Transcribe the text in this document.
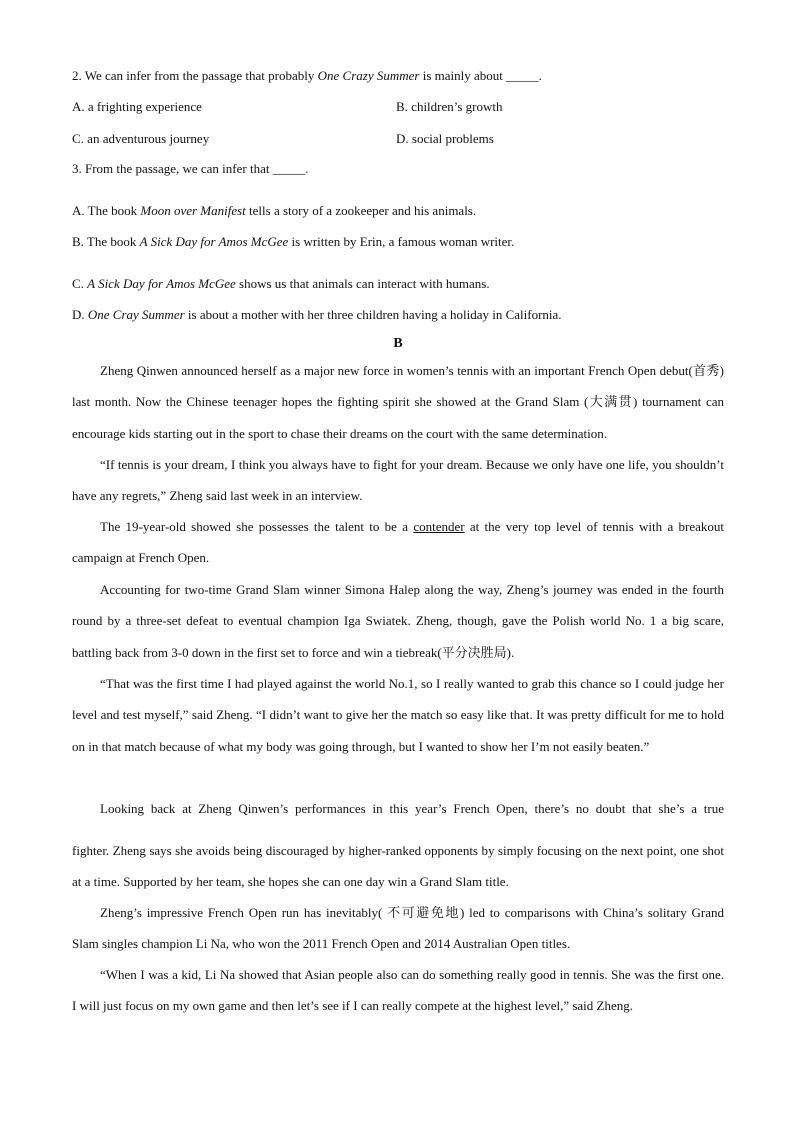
2. We can infer from the passage that probably One Crazy Summer is mainly about _____.
A. a frighting experience	B. children’s growth
C. an adventurous journey	D. social problems
3. From the passage, we can infer that _____.
A. The book Moon over Manifest tells a story of a zookeeper and his animals.
B. The book A Sick Day for Amos McGee is written by Erin, a famous woman writer.
C. A Sick Day for Amos McGee shows us that animals can interact with humans.
D. One Cray Summer is about a mother with her three children having a holiday in California.
B
Zheng Qinwen announced herself as a major new force in women’s tennis with an important French Open debut(首秀) last month. Now the Chinese teenager hopes the fighting spirit she showed at the Grand Slam (大满贯) tournament can encourage kids starting out in the sport to chase their dreams on the court with the same determination.
“If tennis is your dream, I think you always have to fight for your dream. Because we only have one life, you shouldn’t have any regrets,” Zheng said last week in an interview.
The 19-year-old showed she possesses the talent to be a contender at the very top level of tennis with a breakout campaign at French Open.
Accounting for two-time Grand Slam winner Simona Halep along the way, Zheng’s journey was ended in the fourth round by a three-set defeat to eventual champion Iga Swiatek. Zheng, though, gave the Polish world No. 1 a big scare, battling back from 3-0 down in the first set to force and win a tiebreak(平分决胜局).
“That was the first time I had played against the world No.1, so I really wanted to grab this chance so I could judge her level and test myself,” said Zheng. “I didn’t want to give her the match so easy like that. It was pretty difficult for me to hold on in that match because of what my body was going through, but I wanted to show her I’m not easily beaten.”
Looking back at Zheng Qinwen’s performances in this year’s French Open, there’s no doubt that she’s a true
fighter. Zheng says she avoids being discouraged by higher-ranked opponents by simply focusing on the next point, one shot at a time. Supported by her team, she hopes she can one day win a Grand Slam title.
Zheng’s impressive French Open run has inevitably( 不可避免地) led to comparisons with China’s solitary Grand Slam singles champion Li Na, who won the 2011 French Open and 2014 Australian Open titles.
“When I was a kid, Li Na showed that Asian people also can do something really good in tennis. She was the first one. I will just focus on my own game and then let’s see if I can really compete at the highest level,” said Zheng.
